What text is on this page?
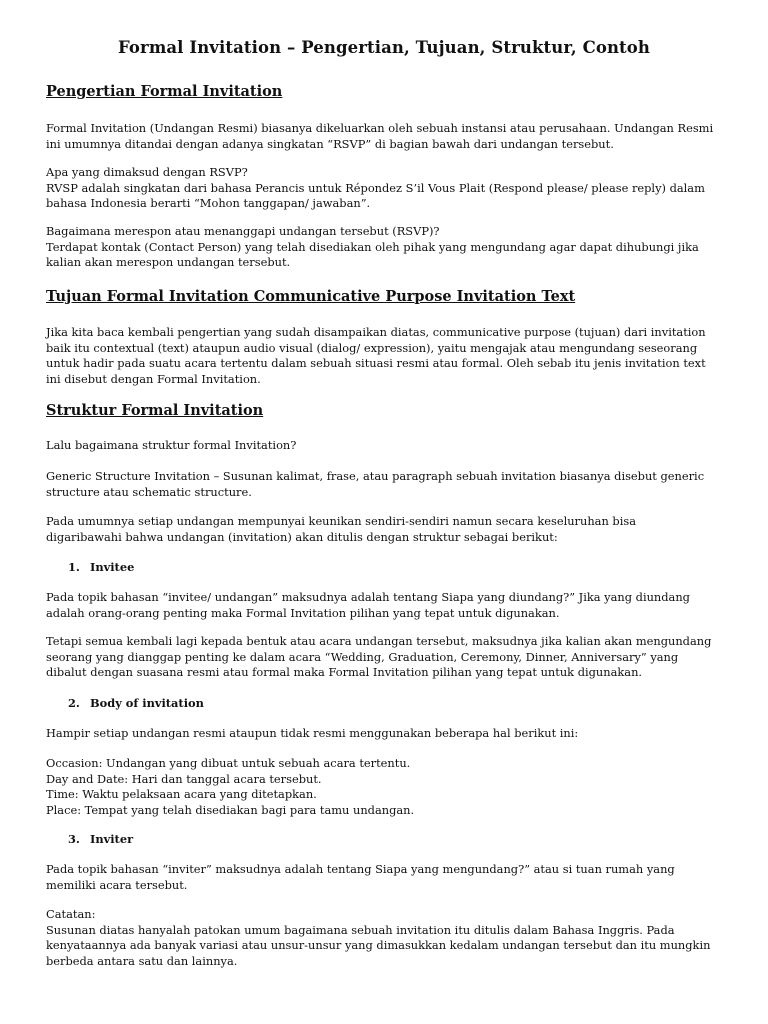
Formal Invitation – Pengertian, Tujuan, Struktur, Contoh
Pengertian Formal Invitation

Formal Invitation (Undangan Resmi) biasanya dikeluarkan oleh sebuah instansi atau perusahaan. Undangan Resmi
ini umumnya ditandai dengan adanya singkatan “RSVP” di bagian bawah dari undangan tersebut.

Apa yang dimaksud dengan RSVP?
RVSP adalah singkatan dari bahasa Perancis untuk Répondez S’il Vous Plait (Respond please/ please reply) dalam
bahasa Indonesia berarti “Mohon tanggapan/ jawaban”.

Bagaimana merespon atau menanggapi undangan tersebut (RSVP)?
Terdapat kontak (Contact Person) yang telah disediakan oleh pihak yang mengundang agar dapat dihubungi jika
kalian akan merespon undangan tersebut.

Tujuan Formal Invitation Communicative Purpose Invitation Text

Jika kita baca kembali pengertian yang sudah disampaikan diatas, communicative purpose (tujuan) dari invitation
baik itu contextual (text) ataupun audio visual (dialog/ expression), yaitu mengajak atau mengundang seseorang
untuk hadir pada suatu acara tertentu dalam sebuah situasi resmi atau formal. Oleh sebab itu jenis invitation text
ini disebut dengan Formal Invitation.

Struktur Formal Invitation

Lalu bagaimana struktur formal Invitation?

Generic Structure Invitation – Susunan kalimat, frase, atau paragraph sebuah invitation biasanya disebut generic
structure atau schematic structure.

Pada umumnya setiap undangan mempunyai keunikan sendiri-sendiri namun secara keseluruhan bisa
digaribawahi bahwa undangan (invitation) akan ditulis dengan struktur sebagai berikut:

1. Invitee

Pada topik bahasan “invitee/ undangan” maksudnya adalah tentang Siapa yang diundang?” Jika yang diundang
adalah orang-orang penting maka Formal Invitation pilihan yang tepat untuk digunakan.

Tetapi semua kembali lagi kepada bentuk atau acara undangan tersebut, maksudnya jika kalian akan mengundang
seorang yang dianggap penting ke dalam acara “Wedding, Graduation, Ceremony, Dinner, Anniversary” yang
dibalut dengan suasana resmi atau formal maka Formal Invitation pilihan yang tepat untuk digunakan.

2. Body of invitation

Hampir setiap undangan resmi ataupun tidak resmi menggunakan beberapa hal berikut ini:

Occasion: Undangan yang dibuat untuk sebuah acara tertentu.
Day and Date: Hari dan tanggal acara tersebut.
Time: Waktu pelaksaan acara yang ditetapkan.
Place: Tempat yang telah disediakan bagi para tamu undangan.

3. Inviter

Pada topik bahasan “inviter” maksudnya adalah tentang Siapa yang mengundang?” atau si tuan rumah yang
memiliki acara tersebut.

Catatan:
Susunan diatas hanyalah patokan umum bagaimana sebuah invitation itu ditulis dalam Bahasa Inggris. Pada
kenyataannya ada banyak variasi atau unsur-unsur yang dimasukkan kedalam undangan tersebut dan itu mungkin
berbeda antara satu dan lainnya.
